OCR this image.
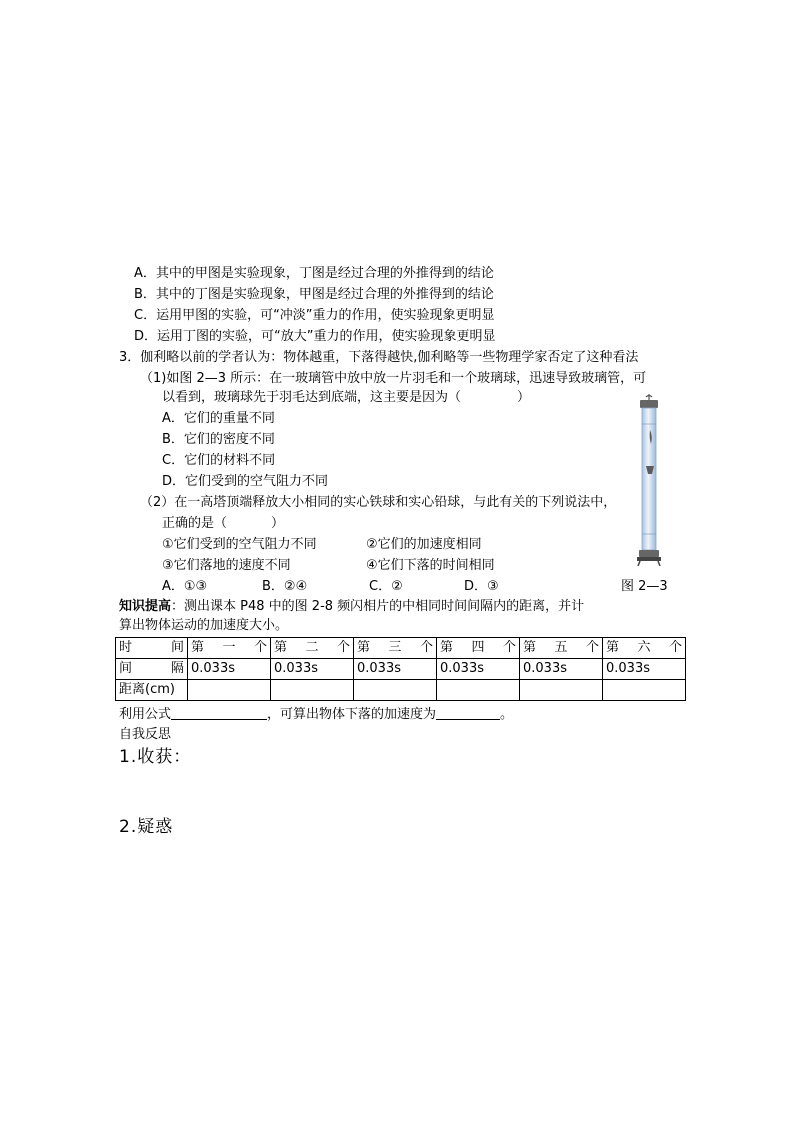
A．其中的甲图是实验现象，丁图是经过合理的外推得到的结论
B．其中的丁图是实验现象，甲图是经过合理的外推得到的结论
C．运用甲图的实验，可“冲淡”重力的作用，使实验现象更明显
D．运用丁图的实验，可“放大”重力的作用，使实验现象更明显
3．伽利略以前的学者认为：物体越重，下落得越快,伽利略等一些物理学家否定了这种看法
（1)如图 2—3 所示：在一玻璃管中放中放一片羽毛和一个玻璃球，迅速导致玻璃管，可
以看到，玻璃球先于羽毛达到底端，这主要是因为（	）
A．它们的重量不同
B．它们的密度不同
C．它们的材料不同
D．它们受到的空气阻力不同
（2）在一高塔顶端释放大小相同的实心铁球和实心铅球，与此有关的下列说法中，
正确的是（	）
①它们受到的空气阻力不同	②它们的加速度相同
③它们落地的速度不同	④它们下落的时间相同
A．①③	B．②④	C．②	D．③	图 2—3
知识提高：测出课本 P48 中的图 2-8 频闪相片的中相同时间间隔内的距离，并计
算出物体运动的加速度大小。
时 间	第 一 个	第 二 个	第 三 个	第 四 个	第 五 个	第 六 个

间 隔	0.033s	0.033s	0.033s	0.033s	0.033s	0.033s
距离(cm)						
利用公式	，可算出物体下落的加速度为	。
自我反思
1.收获：
2.疑惑
